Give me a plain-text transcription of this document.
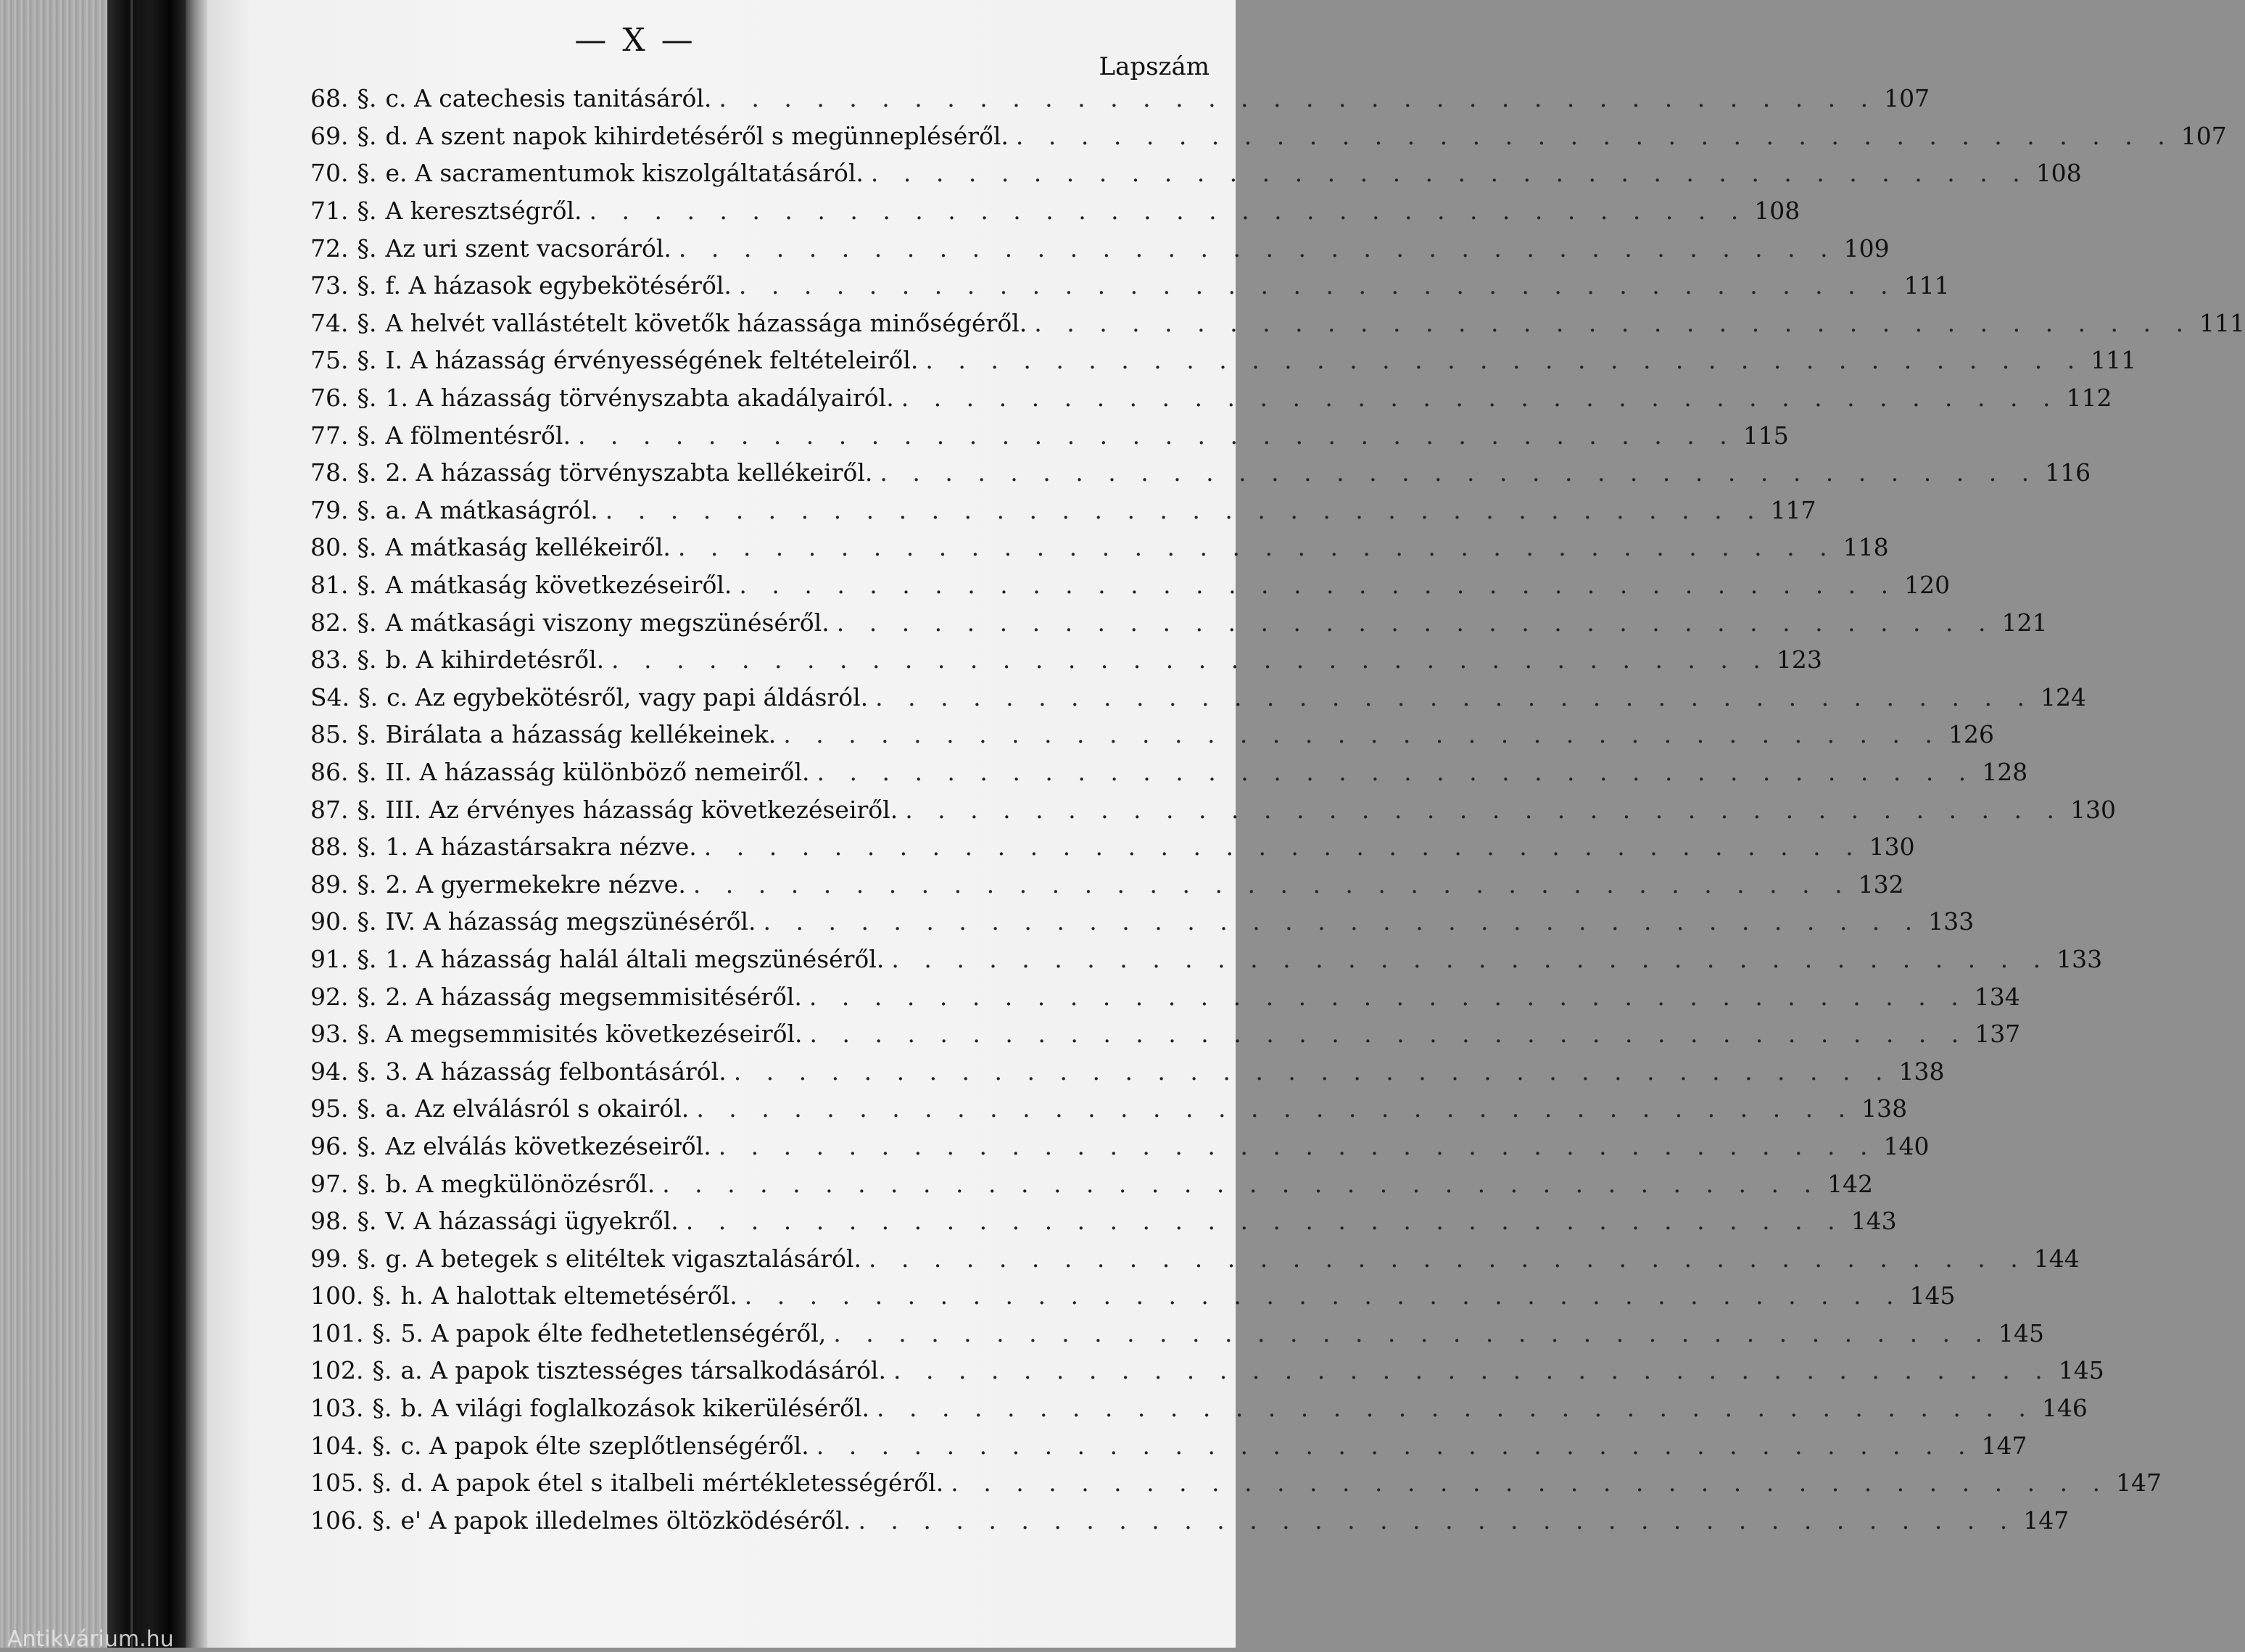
— X —
Lapszám
68. §. c. A catechesis tanitásáról. . . . . . . . . . . . . . . . . . . . . . . . . . . . . . . . . . . . . 107
69. §. d. A szent napok kihirdetéséről s megünnepléséről. . . . . . . . . . . . . . . . . . . . . . . . . . . . . . . . . . . . . 107
70. §. e. A sacramentumok kiszolgáltatásáról. . . . . . . . . . . . . . . . . . . . . . . . . . . . . . . . . . . . . 108
71. §. A keresztségről. . . . . . . . . . . . . . . . . . . . . . . . . . . . . . . . . . . . . 108
72. §. Az uri szent vacsoráról. . . . . . . . . . . . . . . . . . . . . . . . . . . . . . . . . . . . . 109
73. §. f. A házasok egybekötéséről. . . . . . . . . . . . . . . . . . . . . . . . . . . . . . . . . . . . . 111
74. §. A helvét vallástételt követők házassága minőségéről. . . . . . . . . . . . . . . . . . . . . . . . . . . . . . . . . . . . . 111
75. §. I. A házasság érvényességének feltételeiről. . . . . . . . . . . . . . . . . . . . . . . . . . . . . . . . . . . . . 111
76. §. 1. A házasság törvényszabta akadályairól. . . . . . . . . . . . . . . . . . . . . . . . . . . . . . . . . . . . . 112
77. §. A fölmentésről. . . . . . . . . . . . . . . . . . . . . . . . . . . . . . . . . . . . . 115
78. §. 2. A házasság törvényszabta kellékeiről. . . . . . . . . . . . . . . . . . . . . . . . . . . . . . . . . . . . . 116
79. §. a. A mátkaságról. . . . . . . . . . . . . . . . . . . . . . . . . . . . . . . . . . . . . 117
80. §. A mátkaság kellékeiről. . . . . . . . . . . . . . . . . . . . . . . . . . . . . . . . . . . . . 118
81. §. A mátkaság következéseiről. . . . . . . . . . . . . . . . . . . . . . . . . . . . . . . . . . . . . 120
82. §. A mátkasági viszony megszünéséről. . . . . . . . . . . . . . . . . . . . . . . . . . . . . . . . . . . . . 121
83. §. b. A kihirdetésről. . . . . . . . . . . . . . . . . . . . . . . . . . . . . . . . . . . . . 123
S4. §. c. Az egybekötésről, vagy papi áldásról. . . . . . . . . . . . . . . . . . . . . . . . . . . . . . . . . . . . . 124
85. §. Birálata a házasság kellékeinek. . . . . . . . . . . . . . . . . . . . . . . . . . . . . . . . . . . . . 126
86. §. II. A házasság különböző nemeiről. . . . . . . . . . . . . . . . . . . . . . . . . . . . . . . . . . . . . 128
87. §. III. Az érvényes házasság következéseiről. . . . . . . . . . . . . . . . . . . . . . . . . . . . . . . . . . . . . 130
88. §. 1. A házastársakra nézve. . . . . . . . . . . . . . . . . . . . . . . . . . . . . . . . . . . . . 130
89. §. 2. A gyermekekre nézve. . . . . . . . . . . . . . . . . . . . . . . . . . . . . . . . . . . . . 132
90. §. IV. A házasság megszünéséről. . . . . . . . . . . . . . . . . . . . . . . . . . . . . . . . . . . . . 133
91. §. 1. A házasság halál általi megszünéséről. . . . . . . . . . . . . . . . . . . . . . . . . . . . . . . . . . . . . 133
92. §. 2. A házasság megsemmisitéséről. . . . . . . . . . . . . . . . . . . . . . . . . . . . . . . . . . . . . 134
93. §. A megsemmisités következéseiről. . . . . . . . . . . . . . . . . . . . . . . . . . . . . . . . . . . . . 137
94. §. 3. A házasság felbontásáról. . . . . . . . . . . . . . . . . . . . . . . . . . . . . . . . . . . . . 138
95. §. a. Az elválásról s okairól. . . . . . . . . . . . . . . . . . . . . . . . . . . . . . . . . . . . . 138
96. §. Az elválás következéseiről. . . . . . . . . . . . . . . . . . . . . . . . . . . . . . . . . . . . . 140
97. §. b. A megkülönözésről. . . . . . . . . . . . . . . . . . . . . . . . . . . . . . . . . . . . . 142
98. §. V. A házassági ügyekről. . . . . . . . . . . . . . . . . . . . . . . . . . . . . . . . . . . . . 143
99. §. g. A betegek s elitéltek vigasztalásáról. . . . . . . . . . . . . . . . . . . . . . . . . . . . . . . . . . . . . 144
100. §. h. A halottak eltemetéséről. . . . . . . . . . . . . . . . . . . . . . . . . . . . . . . . . . . . . 145
101. §. 5. A papok élte fedhetetlenségéről, . . . . . . . . . . . . . . . . . . . . . . . . . . . . . . . . . . . . 145
102. §. a. A papok tisztességes társalkodásáról. . . . . . . . . . . . . . . . . . . . . . . . . . . . . . . . . . . . . 145
103. §. b. A világi foglalkozások kikerüléséről. . . . . . . . . . . . . . . . . . . . . . . . . . . . . . . . . . . . . 146
104. §. c. A papok élte szeplőtlenségéről. . . . . . . . . . . . . . . . . . . . . . . . . . . . . . . . . . . . . 147
105. §. d. A papok étel s italbeli mértékletességéről. . . . . . . . . . . . . . . . . . . . . . . . . . . . . . . . . . . . . 147
106. §. e' A papok illedelmes öltözködéséről. . . . . . . . . . . . . . . . . . . . . . . . . . . . . . . . . . . . . 147
Antikvárium.hu
